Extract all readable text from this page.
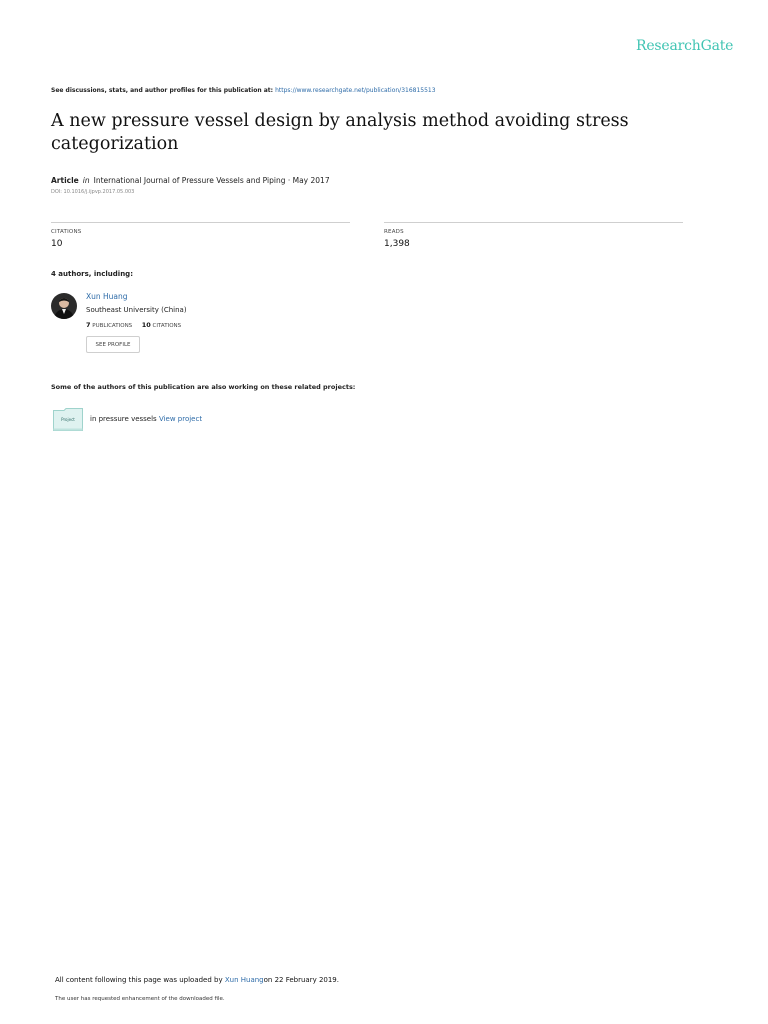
ResearchGate
See discussions, stats, and author profiles for this publication at: https://www.researchgate.net/publication/316815513
A new pressure vessel design by analysis method avoiding stress categorization
Article in International Journal of Pressure Vessels and Piping · May 2017
DOI: 10.1016/j.ijpvp.2017.05.003
CITATIONS
10
READS
1,398
4 authors, including:
Xun Huang
Southeast University (China)
7 PUBLICATIONS 10 CITATIONS
SEE PROFILE
Some of the authors of this publication are also working on these related projects:
Project	in pressure vessels View project
All content following this page was uploaded by Xun Huangon 22 February 2019.
The user has requested enhancement of the downloaded file.
